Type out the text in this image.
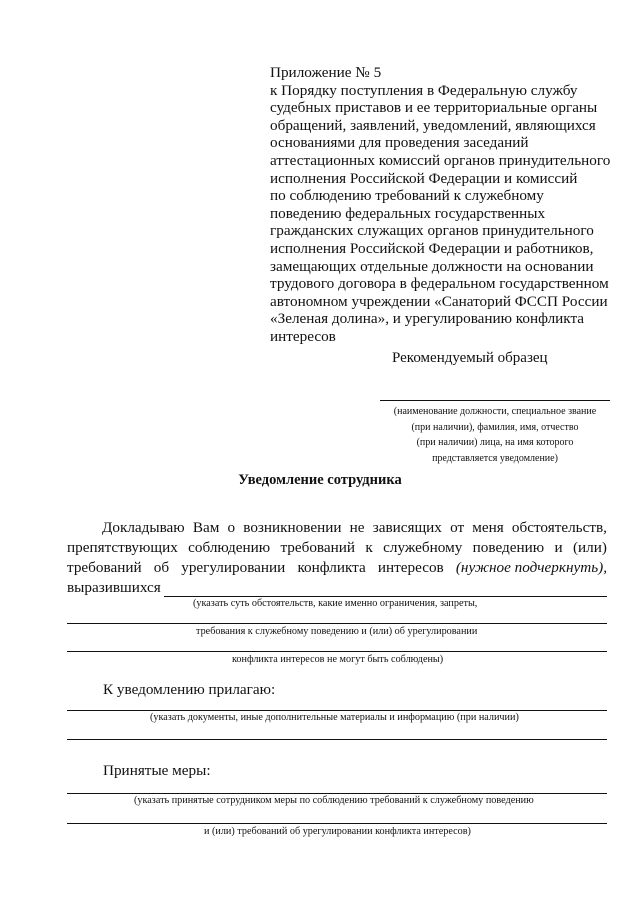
Приложение № 5
к Порядку поступления в Федеральную службу
судебных приставов и ее территориальные органы
обращений, заявлений, уведомлений, являющихся
основаниями для проведения заседаний
аттестационных комиссий органов принудительного
исполнения Российской Федерации и комиссий
по соблюдению требований к служебному
поведению федеральных государственных
гражданских служащих органов принудительного
исполнения Российской Федерации и работников,
замещающих отдельные должности на основании
трудового договора в федеральном государственном
автономном учреждении «Санаторий ФССП России
«Зеленая долина», и урегулированию конфликта
интересов
Рекомендуемый образец
(наименование должности, специальное звание
(при наличии), фамилия, имя, отчество
(при наличии) лица, на имя которого
представляется уведомление)
Уведомление сотрудника
Докладываю Вам о возникновении не зависящих от меня обстоятельств,
препятствующих соблюдению требований к служебному поведению и (или)
требований об урегулировании конфликта интересов (нужное подчеркнуть),
выразившихся
(указать суть обстоятельств, какие именно ограничения, запреты,
требования к служебному поведению и (или) об урегулировании
конфликта интересов не могут быть соблюдены)
К уведомлению прилагаю:
(указать документы, иные дополнительные материалы и информацию (при наличии)
Принятые меры:
(указать принятые сотрудником меры по соблюдению требований к служебному поведению
и (или) требований об урегулировании конфликта интересов)
